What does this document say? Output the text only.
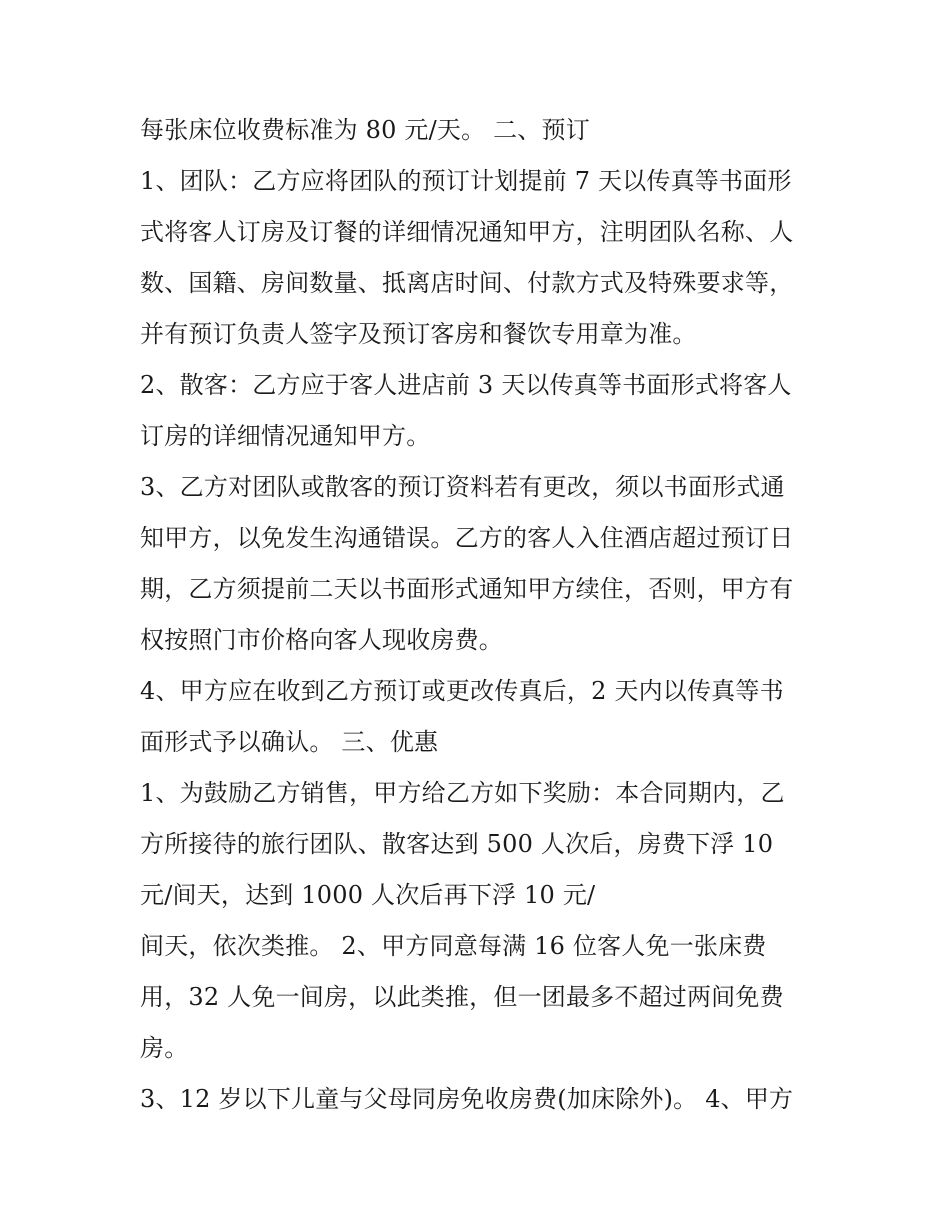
每张床位收费标准为 80 元/天。 二、预订
1、团队：乙方应将团队的预订计划提前 7 天以传真等书面形
式将客人订房及订餐的详细情况通知甲方，注明团队名称、人
数、国籍、房间数量、抵离店时间、付款方式及特殊要求等，
并有预订负责人签字及预订客房和餐饮专用章为准。
2、散客：乙方应于客人进店前 3 天以传真等书面形式将客人
订房的详细情况通知甲方。
3、乙方对团队或散客的预订资料若有更改，须以书面形式通
知甲方，以免发生沟通错误。乙方的客人入住酒店超过预订日
期，乙方须提前二天以书面形式通知甲方续住，否则，甲方有
权按照门市价格向客人现收房费。
4、甲方应在收到乙方预订或更改传真后，2 天内以传真等书
面形式予以确认。 三、优惠
1、为鼓励乙方销售，甲方给乙方如下奖励：本合同期内，乙
方所接待的旅行团队、散客达到 500 人次后，房费下浮 10
元/间天，达到 1000 人次后再下浮 10 元/
间天，依次类推。 2、甲方同意每满 16 位客人免一张床费
用，32 人免一间房，以此类推，但一团最多不超过两间免费
房。
3、12 岁以下儿童与父母同房免收房费(加床除外)。 4、甲方
